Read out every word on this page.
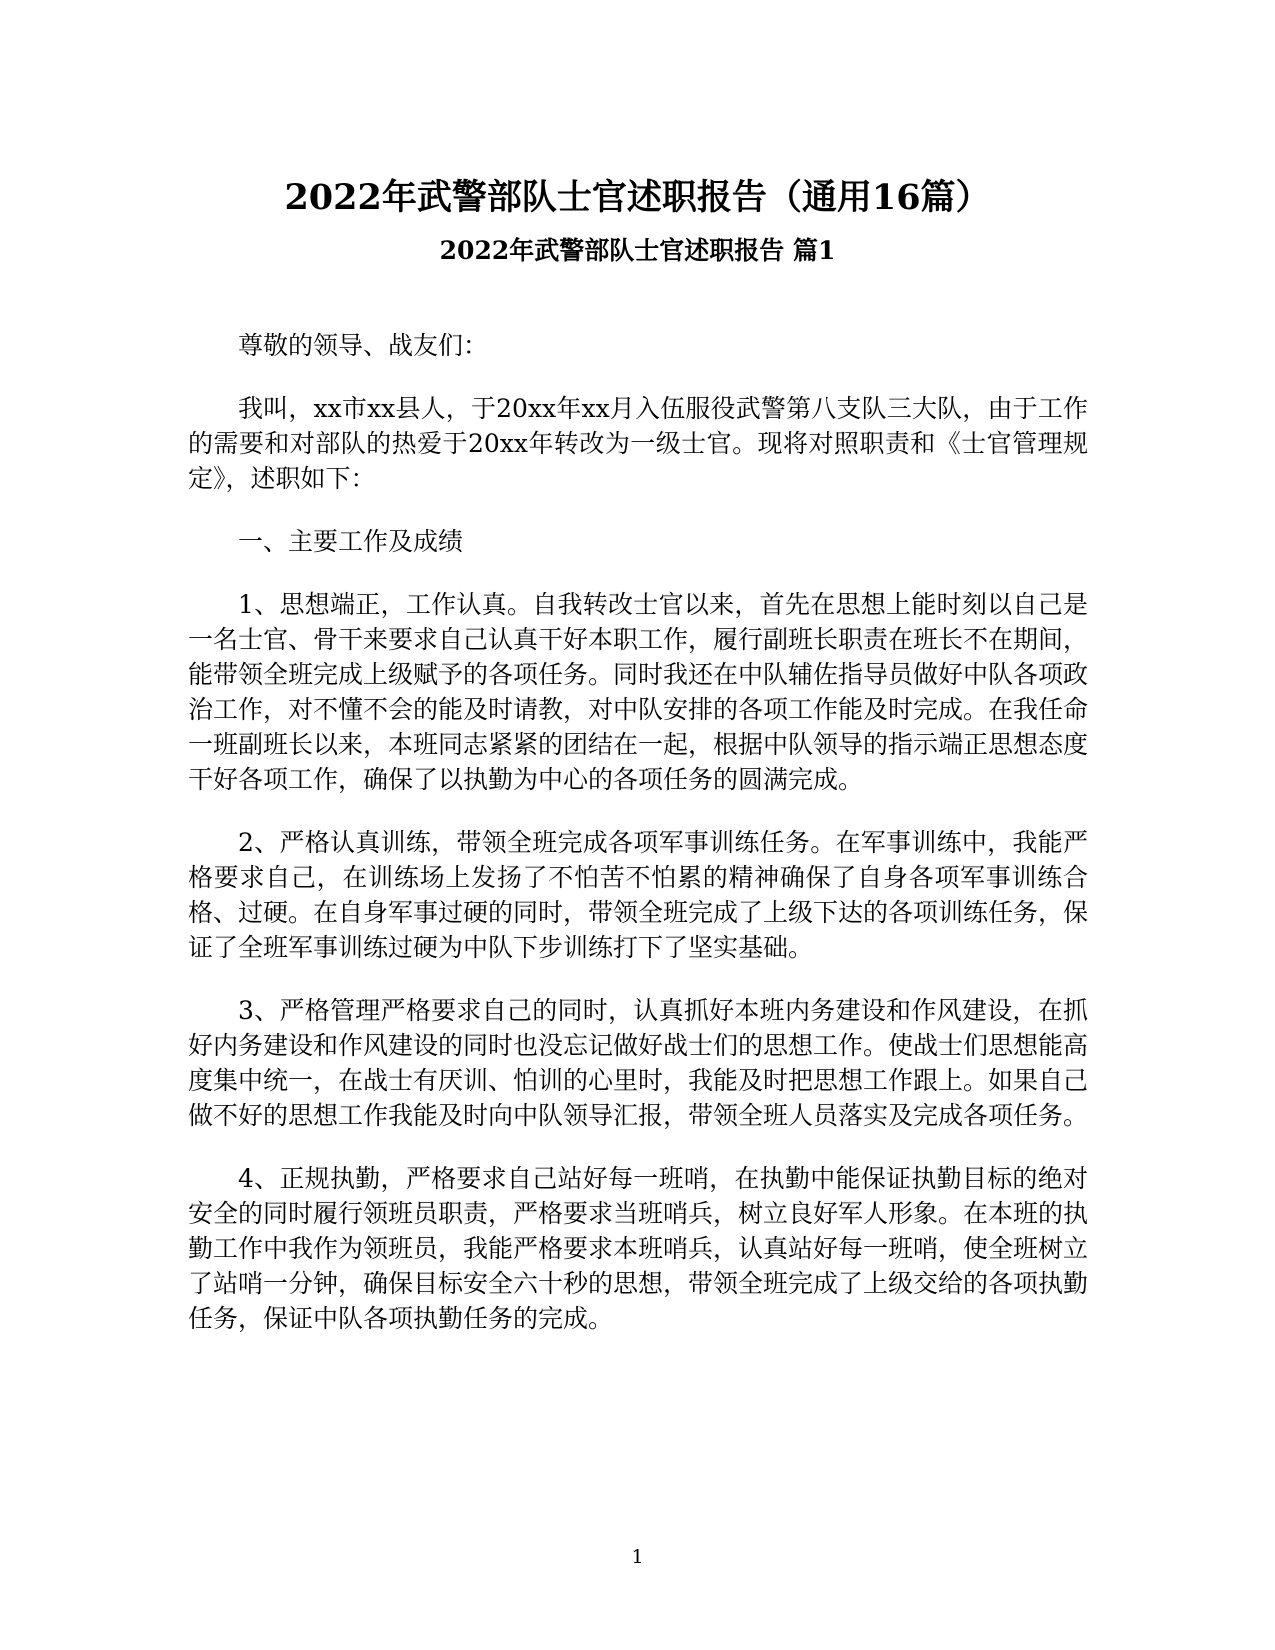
2022年武警部队士官述职报告（通用16篇）
2022年武警部队士官述职报告 篇1

尊敬的领导、战友们：

我叫，xx市xx县人，于20xx年xx月入伍服役武警第八支队三大队，由于工作的需要和对部队的热爱于20xx年转改为一级士官。现将对照职责和《士官管理规定》，述职如下：

一、主要工作及成绩

1、思想端正，工作认真。自我转改士官以来，首先在思想上能时刻以自己是一名士官、骨干来要求自己认真干好本职工作，履行副班长职责在班长不在期间，能带领全班完成上级赋予的各项任务。同时我还在中队辅佐指导员做好中队各项政治工作，对不懂不会的能及时请教，对中队安排的各项工作能及时完成。在我任命一班副班长以来，本班同志紧紧的团结在一起，根据中队领导的指示端正思想态度干好各项工作，确保了以执勤为中心的各项任务的圆满完成。

2、严格认真训练，带领全班完成各项军事训练任务。在军事训练中，我能严格要求自己，在训练场上发扬了不怕苦不怕累的精神确保了自身各项军事训练合格、过硬。在自身军事过硬的同时，带领全班完成了上级下达的各项训练任务，保证了全班军事训练过硬为中队下步训练打下了坚实基础。

3、严格管理严格要求自己的同时，认真抓好本班内务建设和作风建设，在抓好内务建设和作风建设的同时也没忘记做好战士们的思想工作。使战士们思想能高度集中统一，在战士有厌训、怕训的心里时，我能及时把思想工作跟上。如果自己做不好的思想工作我能及时向中队领导汇报，带领全班人员落实及完成各项任务。

4、正规执勤，严格要求自己站好每一班哨，在执勤中能保证执勤目标的绝对安全的同时履行领班员职责，严格要求当班哨兵，树立良好军人形象。在本班的执勤工作中我作为领班员，我能严格要求本班哨兵，认真站好每一班哨，使全班树立了站哨一分钟，确保目标安全六十秒的思想，带领全班完成了上级交给的各项执勤任务，保证中队各项执勤任务的完成。

1
